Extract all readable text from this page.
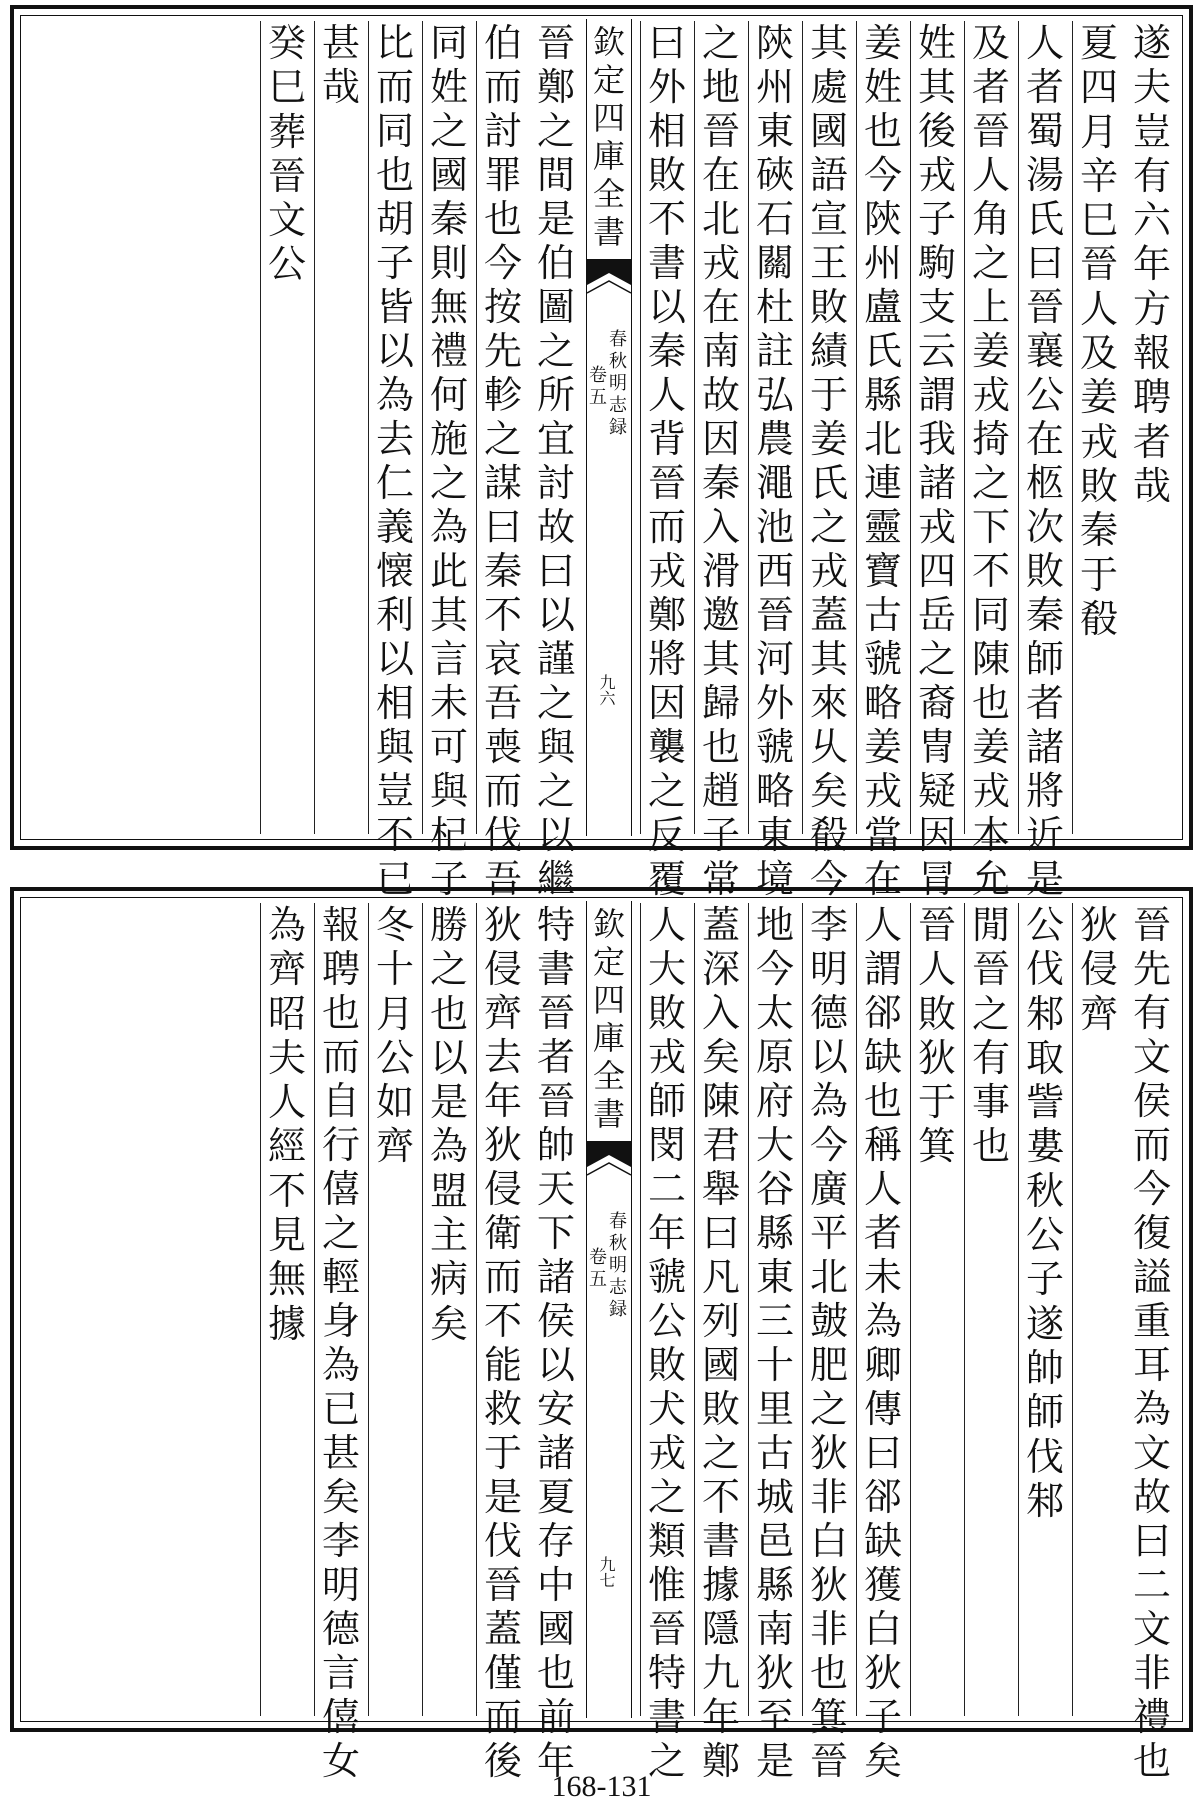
欽
定
四
庫
全
書
春
秋
明
志
録
卷
五
九六
遂
夫
豈
有
六
年
方
報
聘
者
哉
夏
四
月
辛
巳
晉
人
及
姜
戎
敗
秦
于
殽
人
者
蜀
湯
氏
曰
晉
襄
公
在
柩
次
敗
秦
師
者
諸
將
近
是
及
者
晉
人
角
之
上
姜
戎
掎
之
下
不
同
陳
也
姜
戎
本
允
姓
其
後
戎
子
駒
支
云
謂
我
諸
戎
四
岳
之
裔
冑
疑
因
冐
姜
姓
也
今
陝
州
盧
氏
縣
北
連
靈
寶
古
虢
略
姜
戎
當
在
其
處
國
語
宣
王
敗
績
于
姜
氏
之
戎
蓋
其
來
乆
矣
殽
今
陝
州
東
硤
石
關
杜
註
弘
農
澠
池
西
晉
河
外
虢
略
東
境
之
地
晉
在
北
戎
在
南
故
因
秦
入
滑
邀
其
歸
也
趙
子
常
曰
外
相
敗
不
書
以
秦
人
背
晉
而
戎
鄭
將
因
襲
之
反
覆
晉
鄭
之
間
是
伯
圖
之
所
宜
討
故
曰
以
謹
之
與
之
以
繼
伯
而
討
罪
也
今
按
先
軫
之
謀
曰
秦
不
哀
吾
喪
而
伐
吾
同
姓
之
國
秦
則
無
禮
何
施
之
為
此
其
言
未
可
與
杞
子
比
而
同
也
胡
子
皆
以
為
去
仁
義
懐
利
以
相
與
豈
不
已
甚
哉
癸
巳
葬
晉
文
公
欽
定
四
庫
全
書
春
秋
明
志
録
卷
五
九七
晉
先
有
文
侯
而
今
復
謚
重
耳
為
文
故
曰
二
文
非
禮
也
狄
侵
齊
公
伐
邾
取
訾
婁
秋
公
子
遂
帥
師
伐
邾
閒
晉
之
有
事
也
晉
人
敗
狄
于
箕
人
謂
郤
缺
也
稱
人
者
未
為
卿
傳
曰
郤
缺
獲
白
狄
子
矣
李
明
德
以
為
今
廣
平
北
皷
肥
之
狄
非
白
狄
非
也
箕
晉
地
今
太
原
府
大
谷
縣
東
三
十
里
古
城
邑
縣
南
狄
至
是
蓋
深
入
矣
陳
君
舉
曰
凡
列
國
敗
之
不
書
據
隱
九
年
鄭
人
大
敗
戎
師
閔
二
年
虢
公
敗
犬
戎
之
類
惟
晉
特
書
之
特
書
晉
者
晉
帥
天
下
諸
侯
以
安
諸
夏
存
中
國
也
前
年
狄
侵
齊
去
年
狄
侵
衛
而
不
能
救
于
是
伐
晉
蓋
僅
而
後
勝
之
也
以
是
為
盟
主
病
矣
冬
十
月
公
如
齊
報
聘
也
而
自
行
僖
之
輕
身
為
已
甚
矣
李
明
德
言
僖
女
為
齊
昭
夫
人
經
不
見
無
據
168-131
